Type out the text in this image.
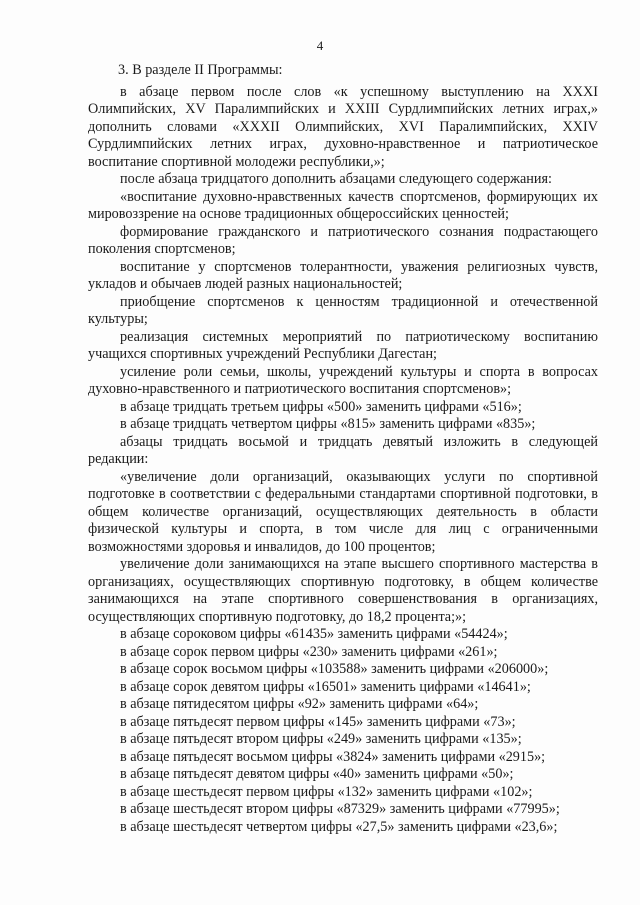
4

3. В разделе II Программы:

в абзаце первом после слов «к успешному выступлению на XXXI Олимпийских, XV Паралимпийских и XXIII Сурдлимпийских летних играх,» дополнить словами «XXXII Олимпийских, XVI Паралимпийских, XXIV Сурдлимпийских летних играх, духовно-нравственное и патриотическое воспитание спортивной молодежи республики,»;

после абзаца тридцатого дополнить абзацами следующего содержания:

«воспитание духовно-нравственных качеств спортсменов, формирующих их мировоззрение на основе традиционных общероссийских ценностей;

формирование гражданского и патриотического сознания подрастающего поколения спортсменов;

воспитание у спортсменов толерантности, уважения религиозных чувств, укладов и обычаев людей разных национальностей;

приобщение спортсменов к ценностям традиционной и отечественной культуры;

реализация системных мероприятий по патриотическому воспитанию учащихся спортивных учреждений Республики Дагестан;

усиление роли семьи, школы, учреждений культуры и спорта в вопросах духовно-нравственного и патриотического воспитания спортсменов»;

в абзаце тридцать третьем цифры «500» заменить цифрами «516»;

в абзаце тридцать четвертом цифры «815» заменить цифрами «835»;

абзацы тридцать восьмой и тридцать девятый изложить в следующей редакции:

«увеличение доли организаций, оказывающих услуги по спортивной подготовке в соответствии с федеральными стандартами спортивной подготовки, в общем количестве организаций, осуществляющих деятельность в области физической культуры и спорта, в том числе для лиц с ограниченными возможностями здоровья и инвалидов, до 100 процентов;

увеличение доли занимающихся на этапе высшего спортивного мастерства в организациях, осуществляющих спортивную подготовку, в общем количестве занимающихся на этапе спортивного совершенствования в организациях, осуществляющих спортивную подготовку, до 18,2 процента;»;

в абзаце сороковом цифры «61435» заменить цифрами «54424»;

в абзаце сорок первом цифры «230» заменить цифрами «261»;

в абзаце сорок восьмом цифры «103588» заменить цифрами «206000»;

в абзаце сорок девятом цифры «16501» заменить цифрами «14641»;

в абзаце пятидесятом цифры «92» заменить цифрами «64»;

в абзаце пятьдесят первом цифры «145» заменить цифрами «73»;

в абзаце пятьдесят втором цифры «249» заменить цифрами «135»;

в абзаце пятьдесят восьмом цифры «3824» заменить цифрами «2915»;

в абзаце пятьдесят девятом цифры «40» заменить цифрами «50»;

в абзаце шестьдесят первом цифры «132» заменить цифрами «102»;

в абзаце шестьдесят втором цифры «87329» заменить цифрами «77995»;

в абзаце шестьдесят четвертом цифры «27,5» заменить цифрами «23,6»;
